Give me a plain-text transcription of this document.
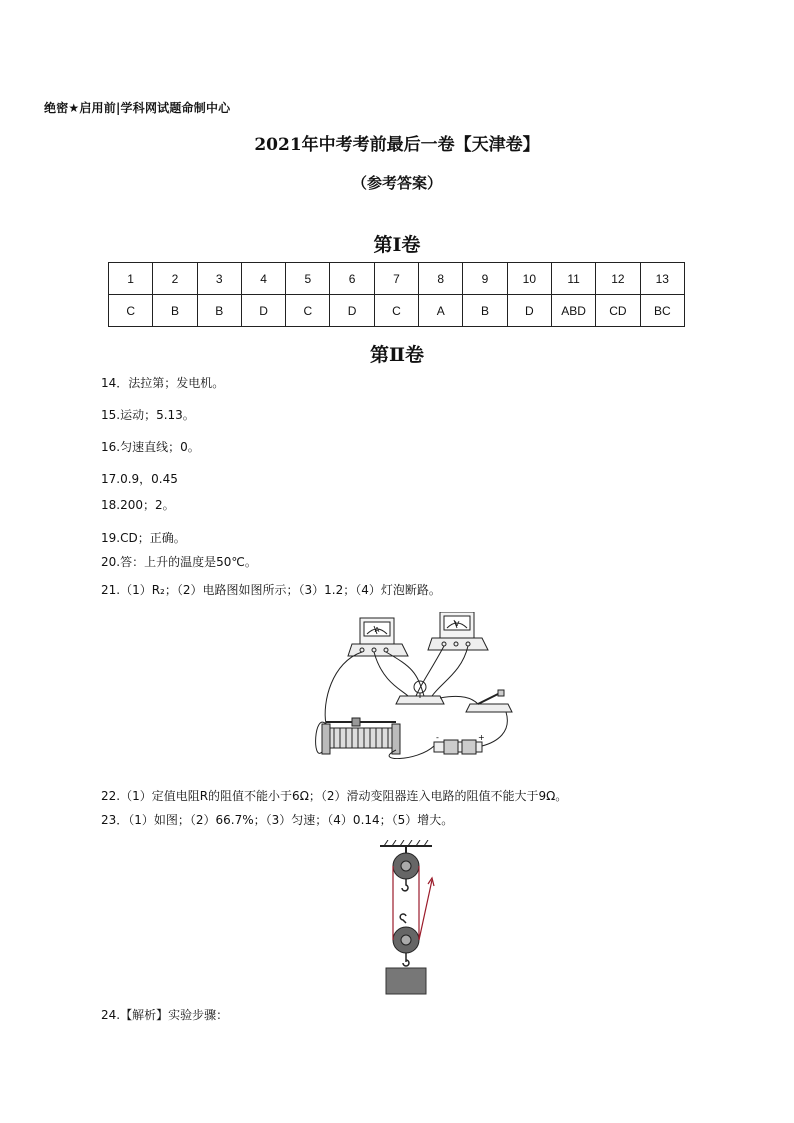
绝密★启用前|学科网试题命制中心
2021年中考考前最后一卷【天津卷】
（参考答案）
第Ⅰ卷
1	2	3	4	5	6	7	8	9	10	11	12	13
C	B	B	D	C	D	C	A	B	D	ABD	CD	BC
第Ⅱ卷
14．法拉第；发电机。
15.运动；5.13。
16.匀速直线；0。
17.0.9，0.45
18.200；2。
19.CD；正确。
20.答：上升的温度是50℃。
21.（1）R₂；（2）电路图如图所示；（3）1.2；（4）灯泡断路。
A
V
-	+
22.（1）定值电阻R的阻值不能小于6Ω；（2）滑动变阻器连入电路的阻值不能大于9Ω。
23．（1）如图；（2）66.7%；（3）匀速；（4）0.14；（5）增大。
24.【解析】实验步骤：
